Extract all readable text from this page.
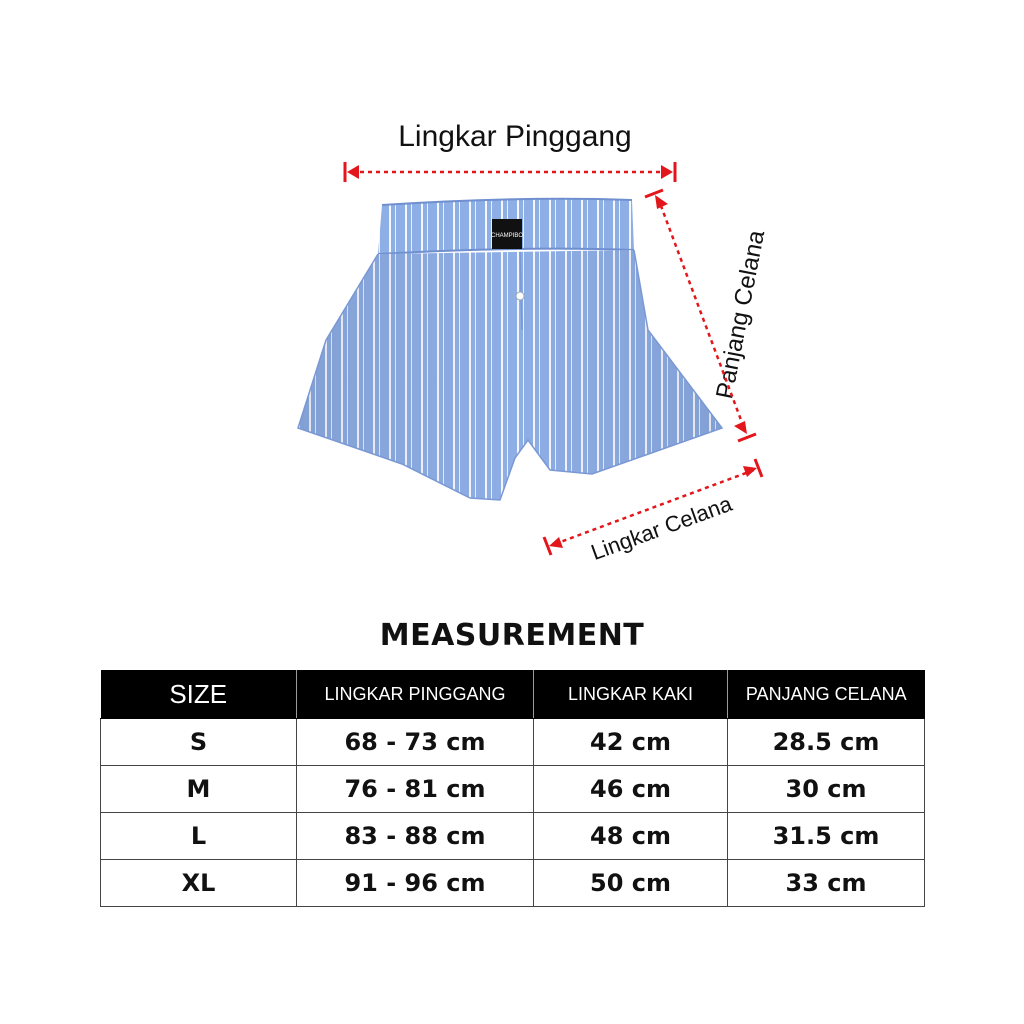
Lingkar Pinggang
CHAMPIBO	Panjang Celana
Lingkar Celana
MEASUREMENT
SIZE	LINGKAR PINGGANG	LINGKAR KAKI	PANJANG CELANA
S	68 - 73 cm	42 cm	28.5 cm
M	76 - 81 cm	46 cm	30 cm
L	83 - 88 cm	48 cm	31.5 cm
XL	91 - 96 cm	50 cm	33 cm
